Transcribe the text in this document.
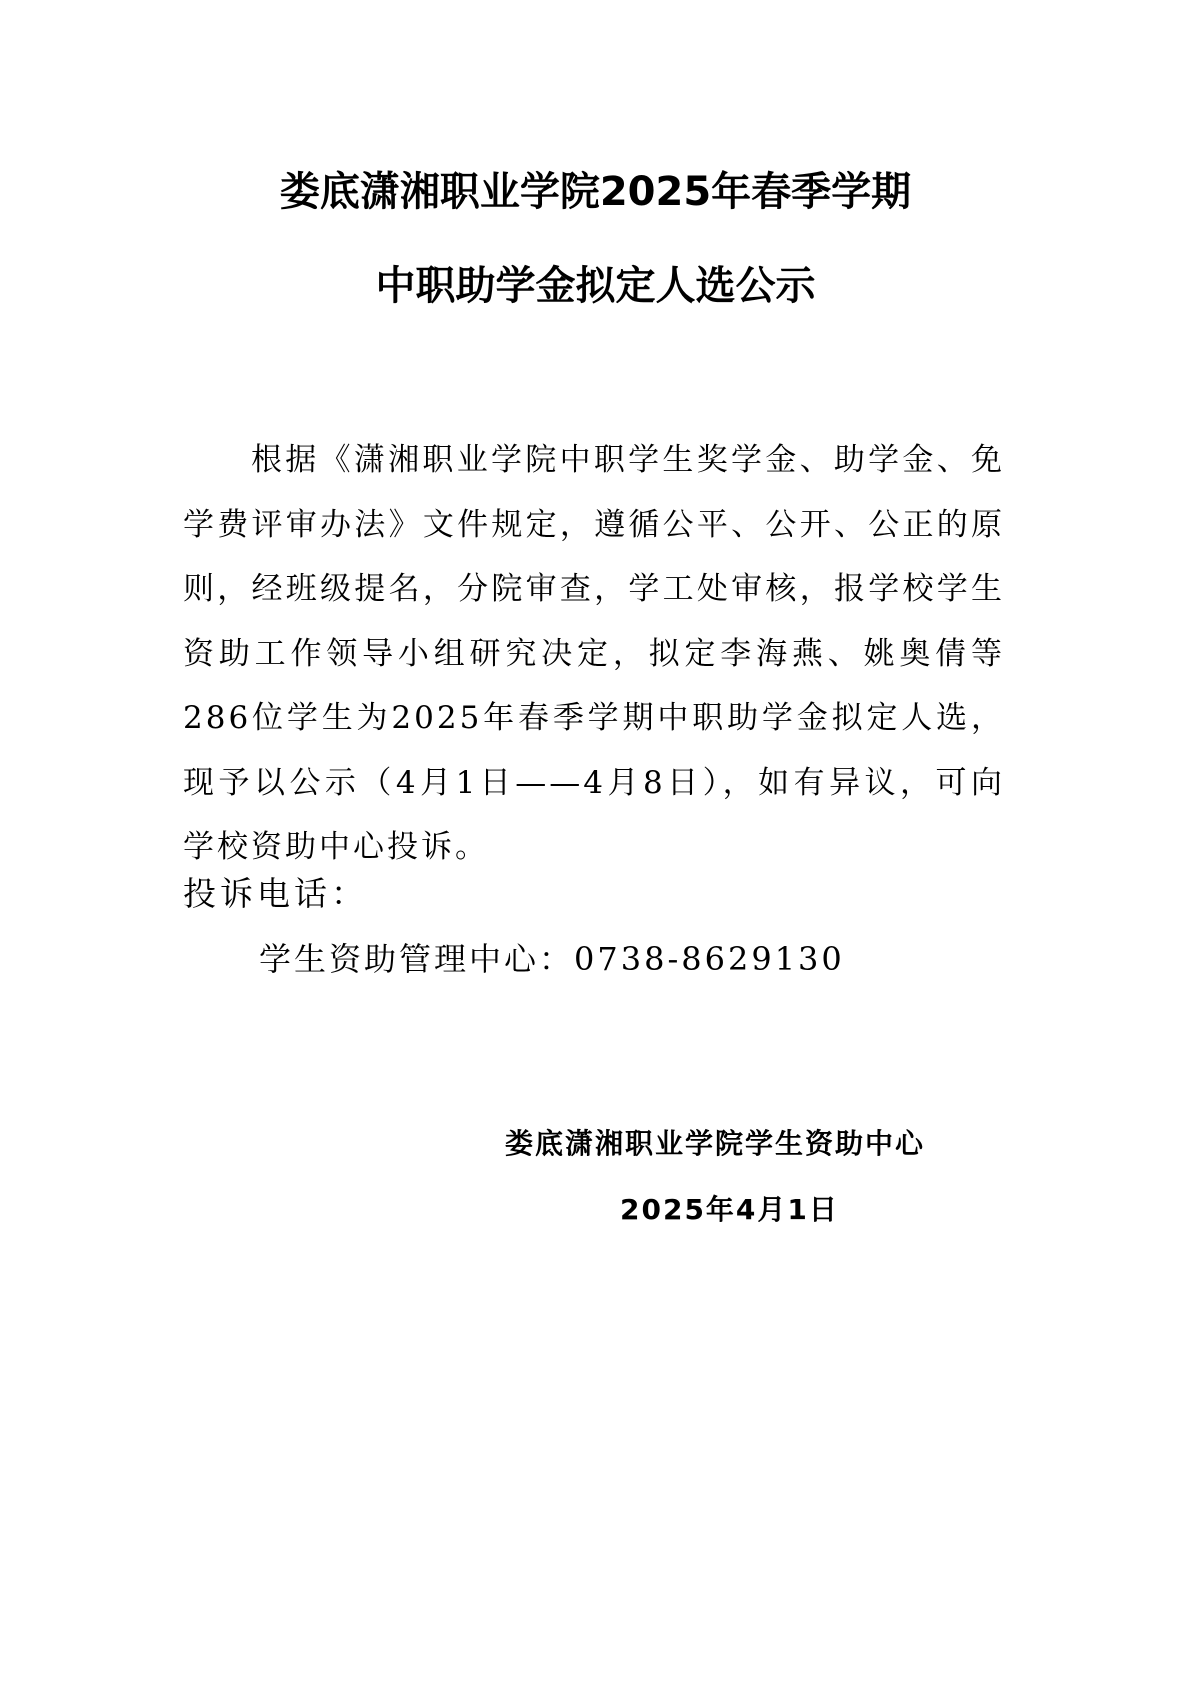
娄底潇湘职业学院2025年春季学期
中职助学金拟定人选公示

根据《潇湘职业学院中职学生奖学金、助学金、免学费评审办法》文件规定，遵循公平、公开、公正的原则，经班级提名，分院审查，学工处审核，报学校学生资助工作领导小组研究决定，拟定李海燕、姚奥倩等286位学生为2025年春季学期中职助学金拟定人选，现予以公示（4月1日——4月8日），如有异议，可向学校资助中心投诉。

投诉电话：

学生资助管理中心：0738-8629130

娄底潇湘职业学院学生资助中心

2025年4月1日
